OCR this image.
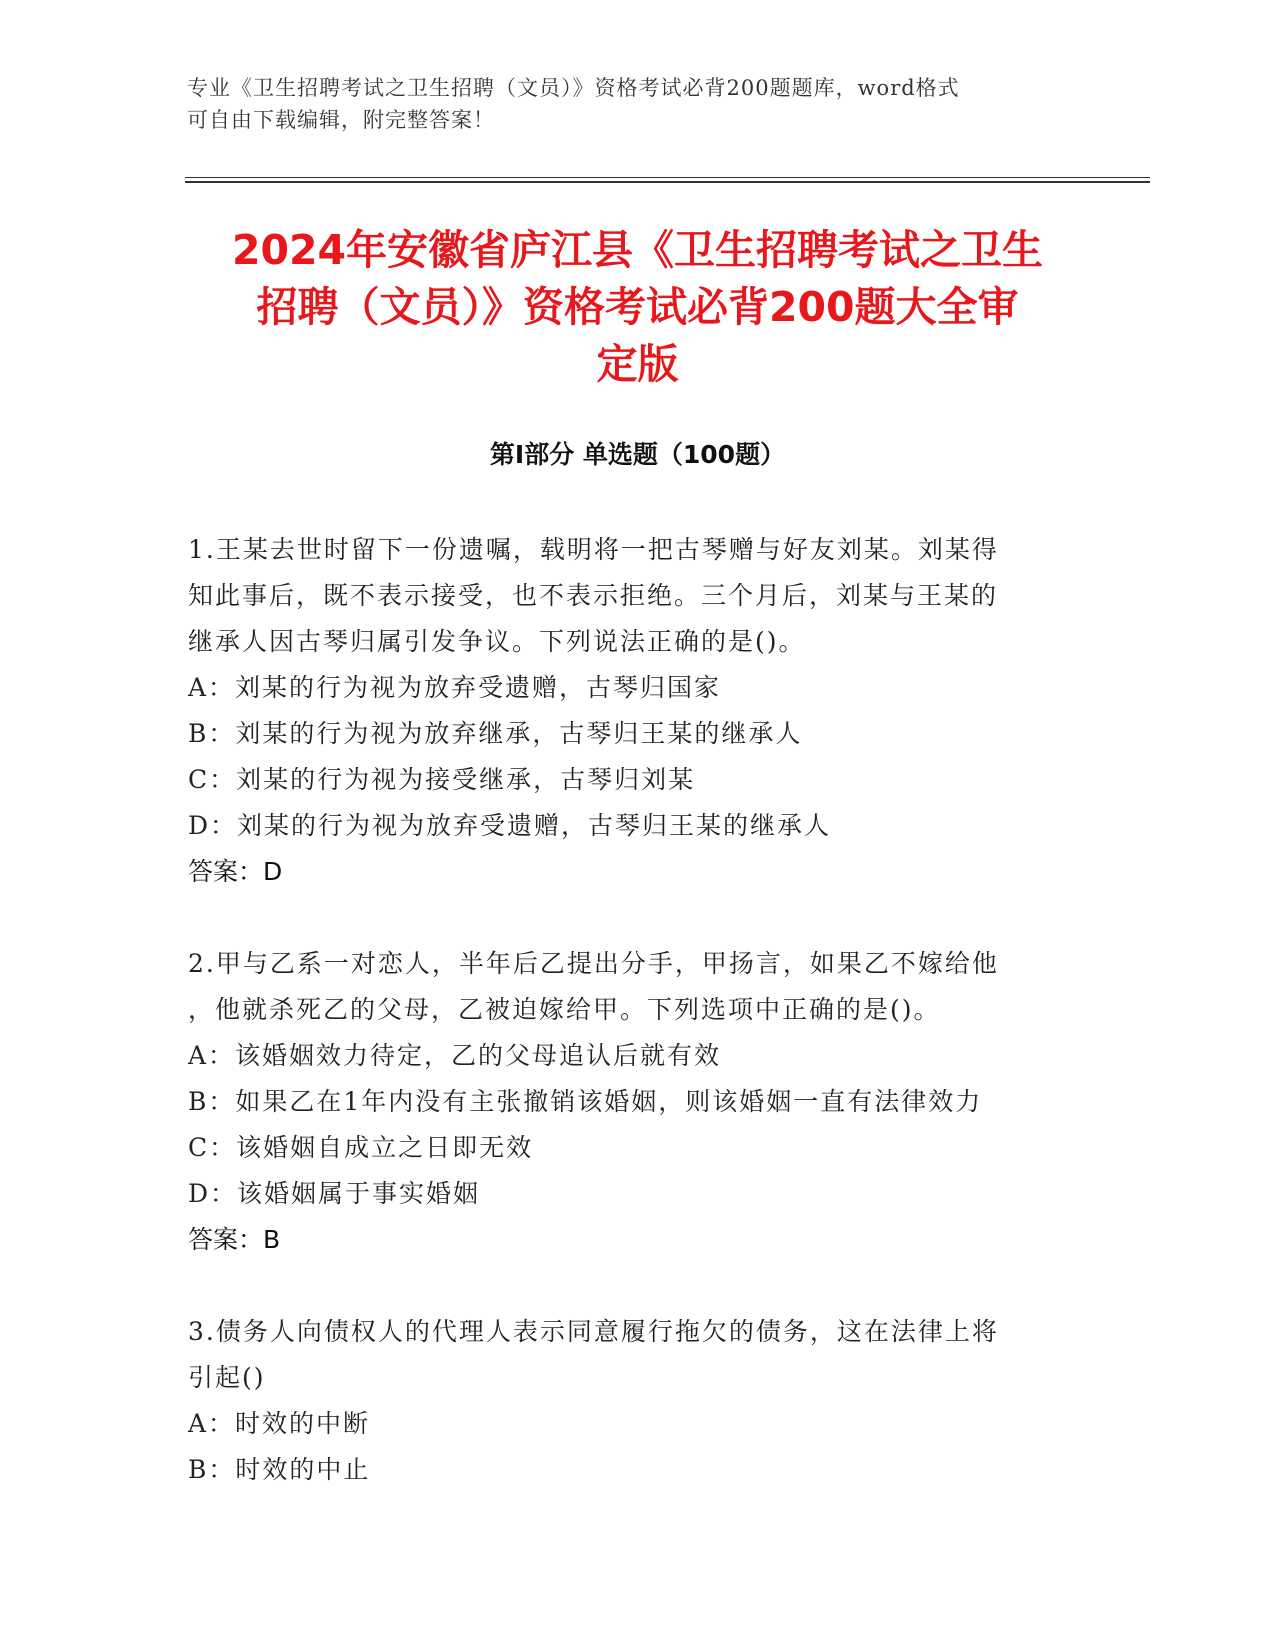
专业《卫生招聘考试之卫生招聘（文员）》资格考试必背200题题库，word格式
可自由下载编辑，附完整答案！
2024年安徽省庐江县《卫生招聘考试之卫生
招聘（文员）》资格考试必背200题大全审
定版
第Ⅰ部分 单选题（100题）
1.王某去世时留下一份遗嘱，载明将一把古琴赠与好友刘某。刘某得
知此事后，既不表示接受，也不表示拒绝。三个月后，刘某与王某的
继承人因古琴归属引发争议。下列说法正确的是()。
A：刘某的行为视为放弃受遗赠，古琴归国家
B：刘某的行为视为放弃继承，古琴归王某的继承人
C：刘某的行为视为接受继承，古琴归刘某
D：刘某的行为视为放弃受遗赠，古琴归王某的继承人
答案：D
2.甲与乙系一对恋人，半年后乙提出分手，甲扬言，如果乙不嫁给他
，他就杀死乙的父母，乙被迫嫁给甲。下列选项中正确的是()。
A：该婚姻效力待定，乙的父母追认后就有效
B：如果乙在1年内没有主张撤销该婚姻，则该婚姻一直有法律效力
C：该婚姻自成立之日即无效
D：该婚姻属于事实婚姻
答案：B
3.债务人向债权人的代理人表示同意履行拖欠的债务，这在法律上将
引起()
A：时效的中断
B：时效的中止
